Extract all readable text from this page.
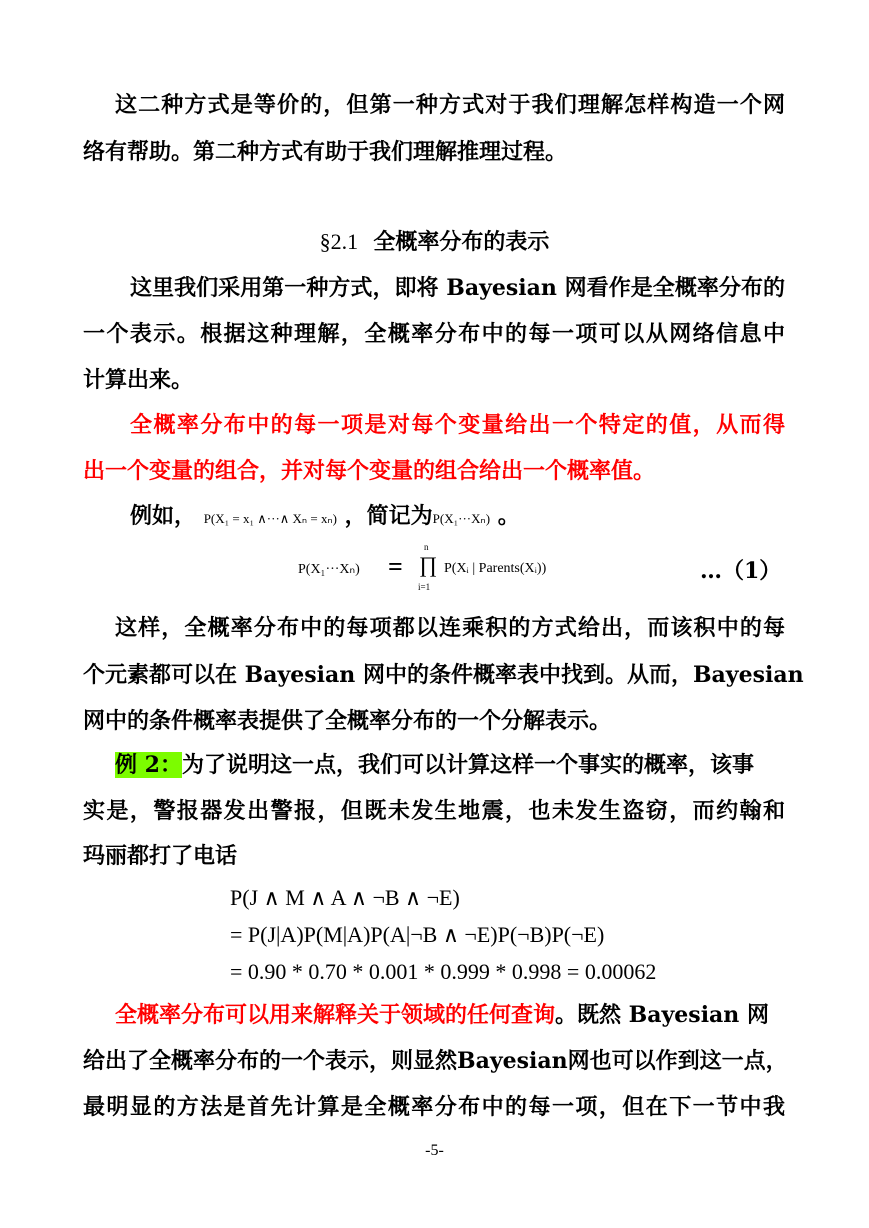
这二种方式是等价的，但第一种方式对于我们理解怎样构造一个网
络有帮助。第二种方式有助于我们理解推理过程。
§2.1 全概率分布的表示
这里我们采用第一种方式，即将 Bayesian 网看作是全概率分布的
一个表示。根据这种理解，全概率分布中的每一项可以从网络信息中
计算出来。
全概率分布中的每一项是对每个变量给出一个特定的值，从而得
出一个变量的组合，并对每个变量的组合给出一个概率值。
例如， P(X₁ = x₁ ∧···∧ Xₙ = xₙ) ，简记为P(X₁···Xₙ) 。
P(X₁···Xₙ) =
n
∏
i=1
P(Xᵢ | Parents(Xᵢ))	…（1）
这样，全概率分布中的每项都以连乘积的方式给出，而该积中的每
个元素都可以在 Bayesian 网中的条件概率表中找到。从而，Bayesian
网中的条件概率表提供了全概率分布的一个分解表示。
例 2：为了说明这一点，我们可以计算这样一个事实的概率，该事
实是，警报器发出警报，但既未发生地震，也未发生盗窃，而约翰和
玛丽都打了电话
P(J ∧ M ∧ A ∧ ¬B ∧ ¬E)
= P(J|A)P(M|A)P(A|¬B ∧ ¬E)P(¬B)P(¬E)
= 0.90 * 0.70 * 0.001 * 0.999 * 0.998 = 0.00062
全概率分布可以用来解释关于领域的任何查询。既然 Bayesian 网
给出了全概率分布的一个表示，则显然Bayesian网也可以作到这一点，
最明显的方法是首先计算是全概率分布中的每一项，但在下一节中我
-5-
